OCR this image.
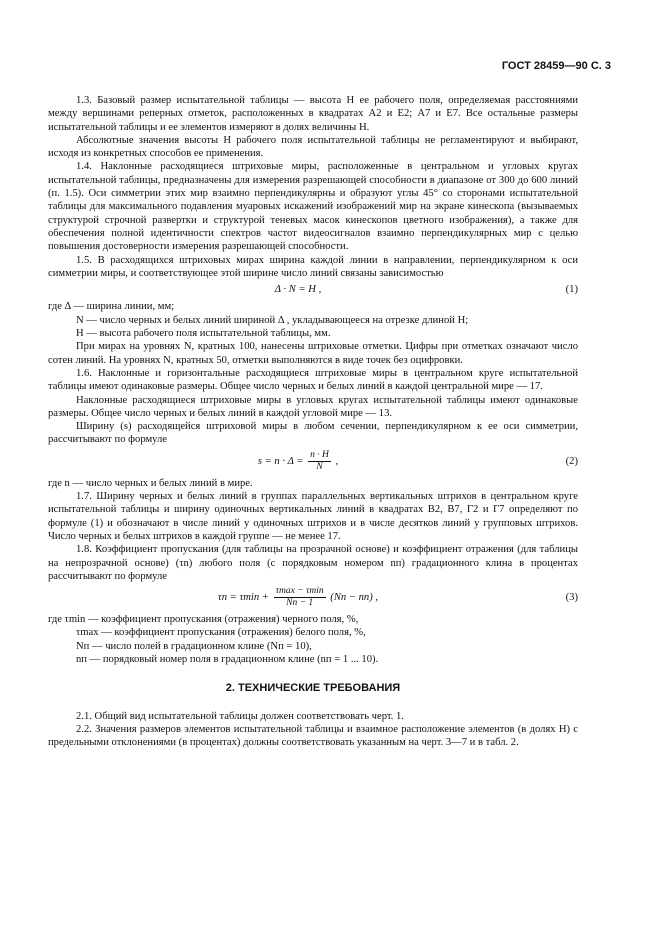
ГОСТ 28459—90 С. 3

1.3. Базовый размер испытательной таблицы — высота H ее рабочего поля, определяемая расстояниями между вершинами реперных отметок, расположенных в квадратах А2 и Е2; А7 и Е7. Все остальные размеры испытательной таблицы и ее элементов измеряют в долях величины H.

Абсолютные значения высоты H рабочего поля испытательной таблицы не регламентируют и выбирают, исходя из конкретных способов ее применения.

1.4. Наклонные расходящиеся штриховые миры, расположенные в центральном и угловых кругах испытательной таблицы, предназначены для измерения разрешающей способности в диапазоне от 300 до 600 линий (п. 1.5). Оси симметрии этих мир взаимно перпендикулярны и образуют углы 45° со сторонами испытательной таблицы для максимального подавления муаровых искажений изображений мир на экране кинескопа (вызываемых структурой строчной развертки и структурой теневых масок кинескопов цветного изображения), а также для обеспечения полной идентичности спектров частот видеосигналов взаимно перпендикулярных мир с целью повышения достоверности измерения разрешающей способности.

1.5. В расходящихся штриховых мирах ширина каждой линии в направлении, перпендикулярном к оси симметрии миры, и соответствующее этой ширине число линий связаны зависимостью

Δ · N = H ,	(1)

где Δ — ширина линии, мм;

N — число черных и белых линий шириной Δ , укладывающееся на отрезке длиной H;

H — высота рабочего поля испытательной таблицы, мм.

При мирах на уровнях N, кратных 100, нанесены штриховые отметки. Цифры при отметках означают число сотен линий. На уровнях N, кратных 50, отметки выполняются в виде точек без оцифровки.

1.6. Наклонные и горизонтальные расходящиеся штриховые миры в центральном круге испытательной таблицы имеют одинаковые размеры. Общее число черных и белых линий в каждой центральной мире — 17.

Наклонные расходящиеся штриховые миры в угловых кругах испытательной таблицы имеют одинаковые размеры. Общее число черных и белых линий в каждой угловой мире — 13.

Ширину (s) расходящейся штриховой миры в любом сечении, перпендикулярном к ее оси симметрии, рассчитывают по формуле

$s = n \cdot \Delta = \frac{n \cdot H}{N}$ ,	(2)

где n — число черных и белых линий в мире.

1.7. Ширину черных и белых линий в группах параллельных вертикальных штрихов в центральном круге испытательной таблицы и ширину одиночных вертикальных линий в квадратах В2, В7, Г2 и Г7 определяют по формуле (1) и обозначают в числе линий у одиночных штрихов и в числе десятков линий у групповых штрихов. Число черных и белых штрихов в каждой группе — не менее 17.

1.8. Коэффициент пропускания (для таблицы на прозрачной основе) и коэффициент отражения (для таблицы на непрозрачной основе) (τn) любого поля (с порядковым номером nп) градационного клина в процентах рассчитывают по формуле

$\tau n = \tau\min + \frac{\tau\max - \tau\min}{Nп - 1} (Nп - nп)$ ,	(3)

где τmin — коэффициент пропускания (отражения) черного поля, %,

τmax — коэффициент пропускания (отражения) белого поля, %,

Nп — число полей в градационном клине (Nп = 10),

nп — порядковый номер поля в градационном клине (nп = 1 ... 10).

2. ТЕХНИЧЕСКИЕ ТРЕБОВАНИЯ

2.1. Общий вид испытательной таблицы должен соответствовать черт. 1.

2.2. Значения размеров элементов испытательной таблицы и взаимное расположение элементов (в долях Н) с предельными отклонениями (в процентах) должны соответствовать указанным на черт. 3—7 и в табл. 2.
